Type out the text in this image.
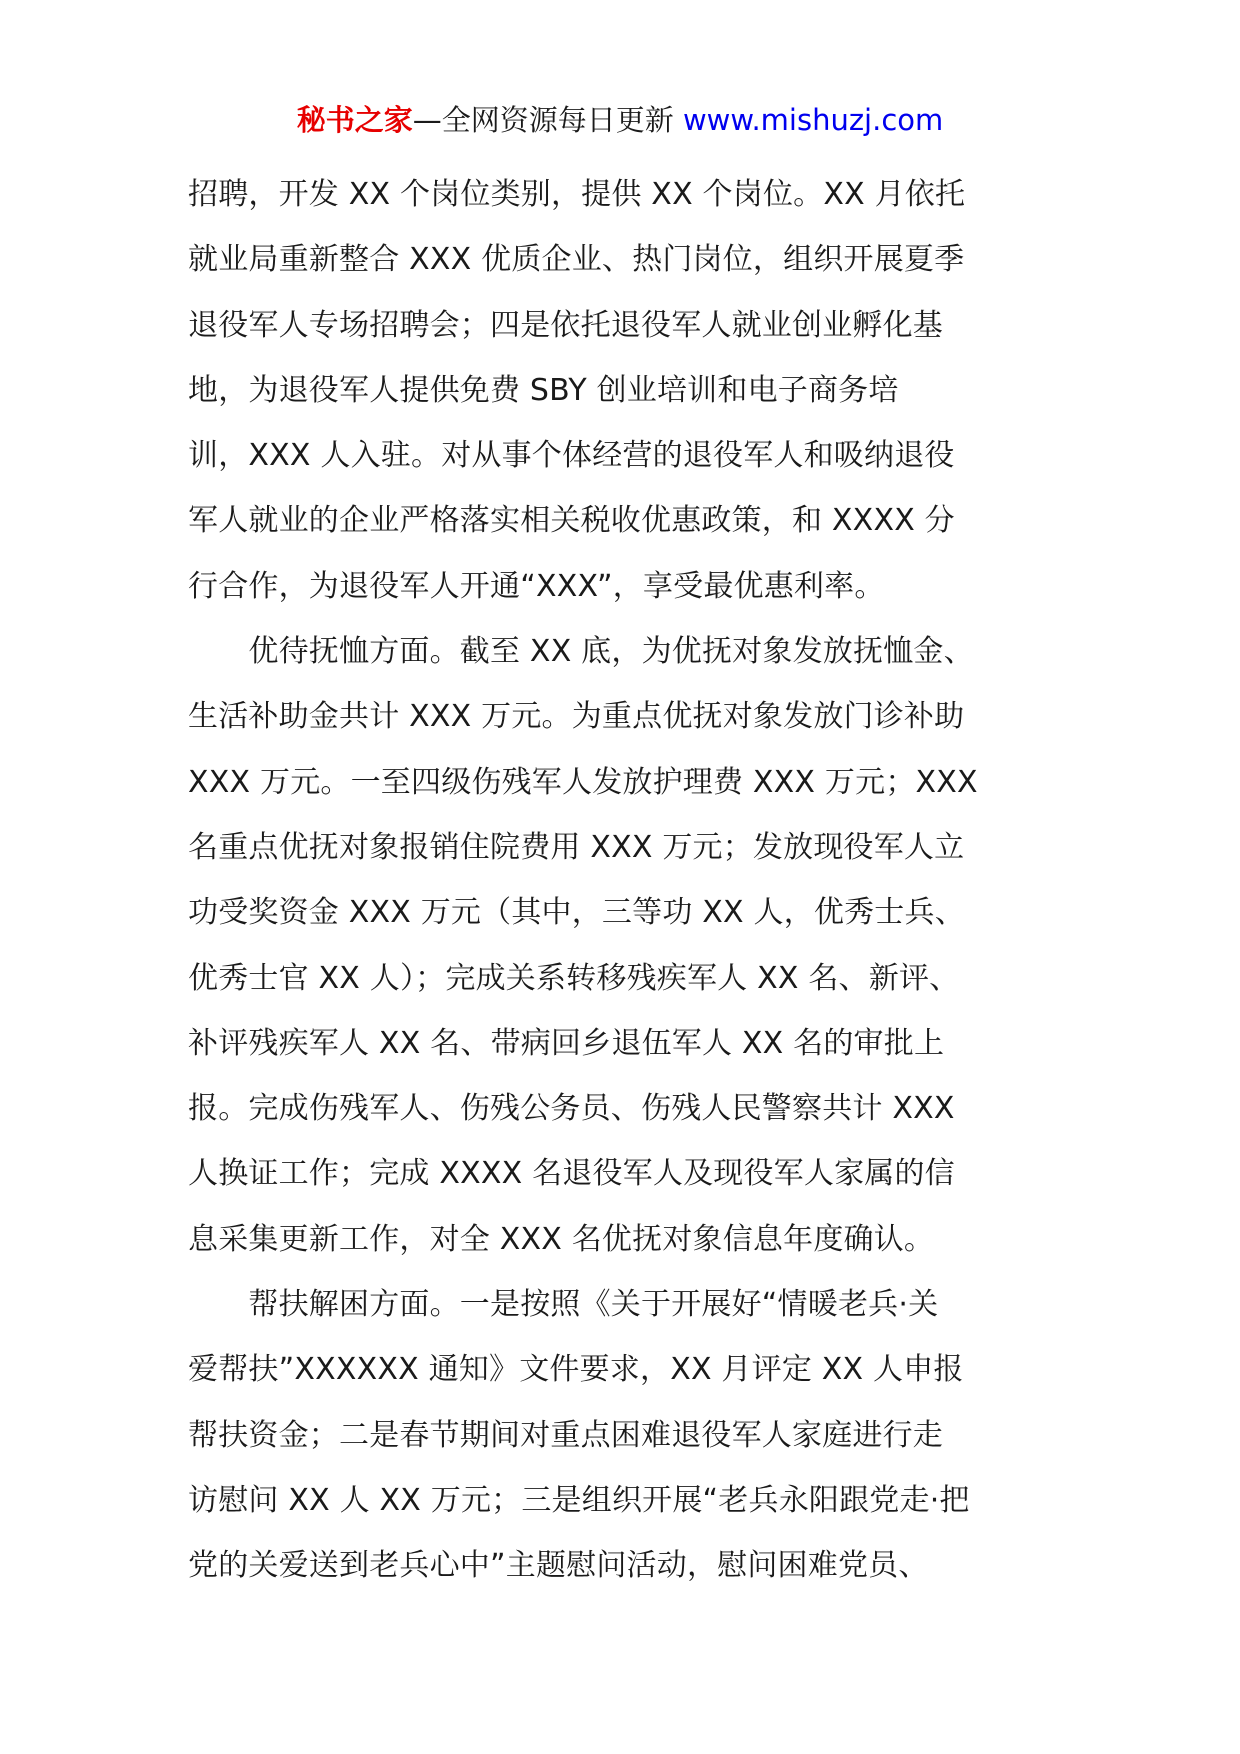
秘书之家—全网资源每日更新 www.mishuzj.com
招聘，开发 XX 个岗位类别，提供 XX 个岗位。XX 月依托
就业局重新整合 XXX 优质企业、热门岗位，组织开展夏季
退役军人专场招聘会；四是依托退役军人就业创业孵化基
地，为退役军人提供免费 SBY 创业培训和电子商务培
训，XXX 人入驻。对从事个体经营的退役军人和吸纳退役
军人就业的企业严格落实相关税收优惠政策，和 XXXX 分
行合作，为退役军人开通“XXX”，享受最优惠利率。
　　优待抚恤方面。截至 XX 底，为优抚对象发放抚恤金、
生活补助金共计 XXX 万元。为重点优抚对象发放门诊补助
XXX 万元。一至四级伤残军人发放护理费 XXX 万元；XXX
名重点优抚对象报销住院费用 XXX 万元；发放现役军人立
功受奖资金 XXX 万元（其中，三等功 XX 人，优秀士兵、
优秀士官 XX 人）；完成关系转移残疾军人 XX 名、新评、
补评残疾军人 XX 名、带病回乡退伍军人 XX 名的审批上
报。完成伤残军人、伤残公务员、伤残人民警察共计 XXX
人换证工作；完成 XXXX 名退役军人及现役军人家属的信
息采集更新工作，对全 XXX 名优抚对象信息年度确认。
　　帮扶解困方面。一是按照《关于开展好“情暖老兵·关
爱帮扶”XXXXXX 通知》文件要求，XX 月评定 XX 人申报
帮扶资金；二是春节期间对重点困难退役军人家庭进行走
访慰问 XX 人 XX 万元；三是组织开展“老兵永阳跟党走·把
党的关爱送到老兵心中”主题慰问活动，慰问困难党员、
